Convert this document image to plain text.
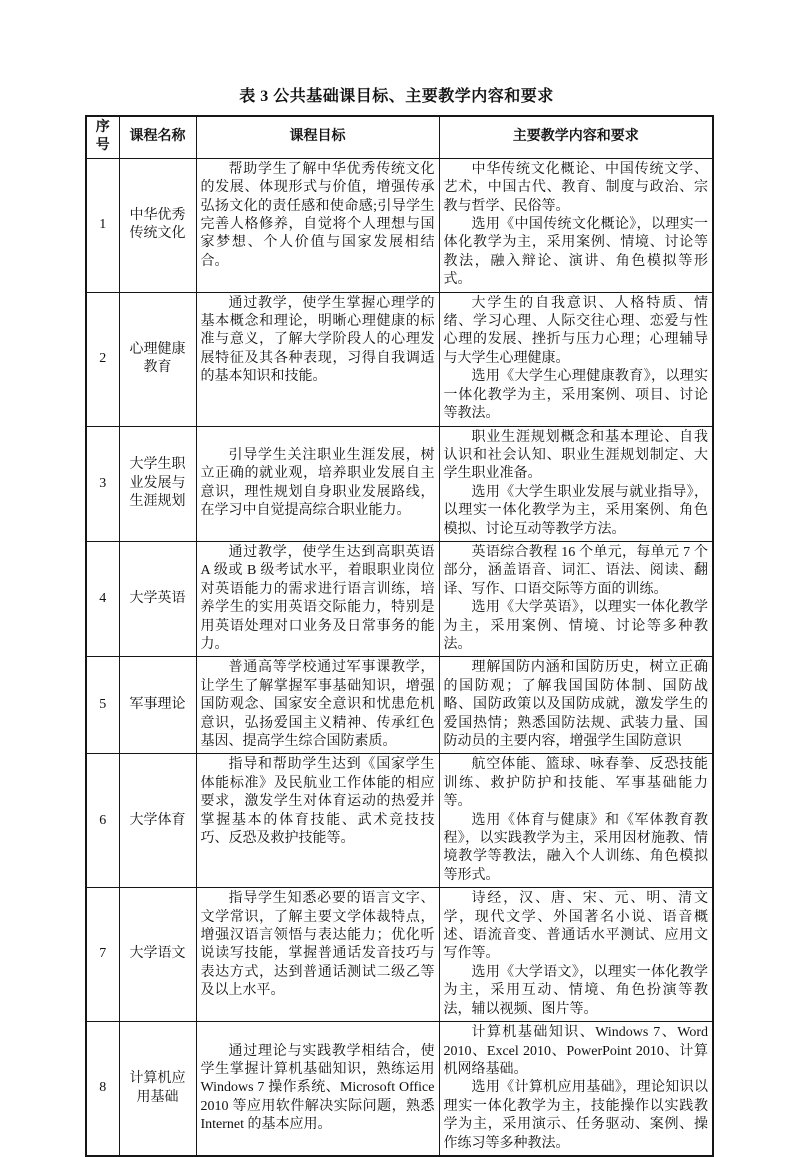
表 3 公共基础课目标、主要教学内容和要求
序号	课程名称	课程目标	主要教学内容和要求
1	中华优秀传统文化	帮助学生了解中华优秀传统文化的发展、体现形式与价值，增强传承弘扬文化的责任感和使命感;引导学生完善人格修养，自觉将个人理想与国家梦想、个人价值与国家发展相结合。	中华传统文化概论、中国传统文学、艺术，中国古代、教育、制度与政治、宗教与哲学、民俗等。

选用《中国传统文化概论》，以理实一体化教学为主，采用案例、情境、讨论等教法，融入辩论、演讲、角色模拟等形式。

2	心理健康教育	通过教学，使学生掌握心理学的基本概念和理论，明晰心理健康的标准与意义，了解大学阶段人的心理发展特征及其各种表现，习得自我调适的基本知识和技能。	大学生的自我意识、人格特质、情绪、学习心理、人际交往心理、恋爱与性心理的发展、挫折与压力心理；心理辅导与大学生心理健康。

选用《大学生心理健康教育》，以理实一体化教学为主，采用案例、项目、讨论等教法。

3	大学生职业发展与生涯规划	引导学生关注职业生涯发展，树立正确的就业观，培养职业发展自主意识，理性规划自身职业发展路线，在学习中自觉提高综合职业能力。	职业生涯规划概念和基本理论、自我认识和社会认知、职业生涯规划制定、大学生职业准备。

选用《大学生职业发展与就业指导》，以理实一体化教学为主，采用案例、角色模拟、讨论互动等教学方法。

4	大学英语	通过教学，使学生达到高职英语 A 级或 B 级考试水平，着眼职业岗位对英语能力的需求进行语言训练，培养学生的实用英语交际能力，特别是用英语处理对口业务及日常事务的能力。	英语综合教程 16 个单元，每单元 7 个部分，涵盖语音、词汇、语法、阅读、翻译、写作、口语交际等方面的训练。

选用《大学英语》，以理实一体化教学为主，采用案例、情境、讨论等多种教法。

5	军事理论	普通高等学校通过军事课教学，让学生了解掌握军事基础知识，增强国防观念、国家安全意识和忧患危机意识，弘扬爱国主义精神、传承红色基因、提高学生综合国防素质。	理解国防内涵和国防历史，树立正确的国防观；了解我国国防体制、国防战略、国防政策以及国防成就，激发学生的爱国热情；熟悉国防法规、武装力量、国防动员的主要内容，增强学生国防意识

6	大学体育	指导和帮助学生达到《国家学生体能标准》及民航业工作体能的相应要求，激发学生对体育运动的热爱并掌握基本的体育技能、武术竞技技巧、反恐及救护技能等。	航空体能、篮球、咏春拳、反恐技能训练、救护防护和技能、军事基础能力等。

选用《体育与健康》和《军体教育教程》，以实践教学为主，采用因材施教、情境教学等教法，融入个人训练、角色模拟等形式。

7	大学语文	指导学生知悉必要的语言文字、文学常识，了解主要文学体裁特点，增强汉语言领悟与表达能力；优化听说读写技能，掌握普通话发音技巧与表达方式，达到普通话测试二级乙等及以上水平。	诗经，汉、唐、宋、元、明、清文学，现代文学、外国著名小说、语音概述、语流音变、普通话水平测试、应用文写作等。

选用《大学语文》，以理实一体化教学为主，采用互动、情境、角色扮演等教法，辅以视频、图片等。

8	计算机应用基础	通过理论与实践教学相结合，使学生掌握计算机基础知识，熟练运用 Windows 7 操作系统、Microsoft Office 2010 等应用软件解决实际问题，熟悉 Internet 的基本应用。	计算机基础知识、Windows 7、Word 2010、Excel 2010、PowerPoint 2010、计算机网络基础。

选用《计算机应用基础》，理论知识以理实一体化教学为主，技能操作以实践教学为主，采用演示、任务驱动、案例、操作练习等多种教法。
